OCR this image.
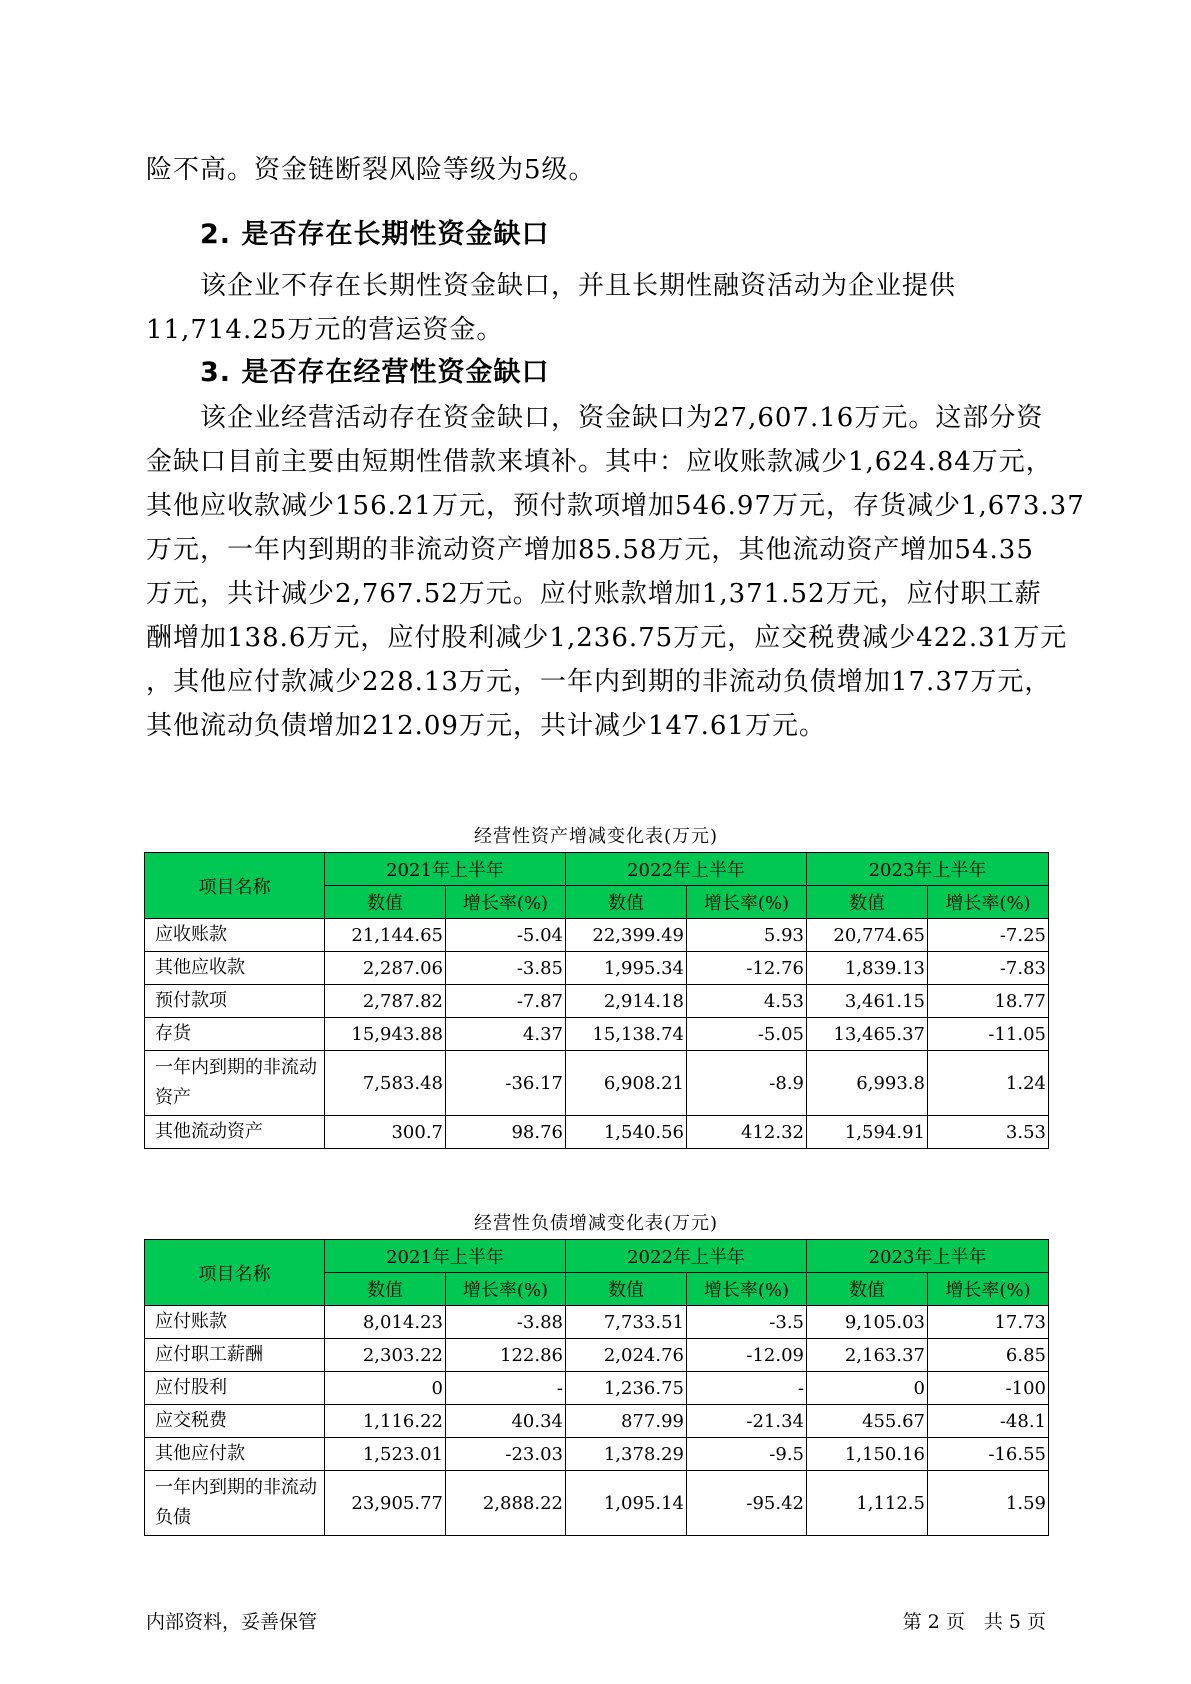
险不高。资金链断裂风险等级为5级。
2. 是否存在长期性资金缺口
　　该企业不存在长期性资金缺口，并且长期性融资活动为企业提供
11,714.25万元的营运资金。
3. 是否存在经营性资金缺口
　　该企业经营活动存在资金缺口，资金缺口为27,607.16万元。这部分资
金缺口目前主要由短期性借款来填补。其中：应收账款减少1,624.84万元，
其他应收款减少156.21万元，预付款项增加546.97万元，存货减少1,673.37
万元，一年内到期的非流动资产增加85.58万元，其他流动资产增加54.35
万元，共计减少2,767.52万元。应付账款增加1,371.52万元，应付职工薪
酬增加138.6万元，应付股利减少1,236.75万元，应交税费减少422.31万元
，其他应付款减少228.13万元，一年内到期的非流动负债增加17.37万元，
其他流动负债增加212.09万元，共计减少147.61万元。
经营性资产增减变化表(万元)
项目名称	2021年上半年		2022年上半年		2023年上半年	
	数值	增长率(%)	数值	增长率(%)	数值	增长率(%)
应收账款	21,144.65	-5.04	22,399.49	5.93	20,774.65	-7.25
其他应收款	2,287.06	-3.85	1,995.34	-12.76	1,839.13	-7.83
预付款项	2,787.82	-7.87	2,914.18	4.53	3,461.15	18.77
存货	15,943.88	4.37	15,138.74	-5.05	13,465.37	-11.05
一年内到期的非流动资产	7,583.48	-36.17	6,908.21	-8.9	6,993.8	1.24
其他流动资产	300.7	98.76	1,540.56	412.32	1,594.91	3.53
经营性负债增减变化表(万元)
项目名称	2021年上半年		2022年上半年		2023年上半年	
	数值	增长率(%)	数值	增长率(%)	数值	增长率(%)
应付账款	8,014.23	-3.88	7,733.51	-3.5	9,105.03	17.73
应付职工薪酬	2,303.22	122.86	2,024.76	-12.09	2,163.37	6.85
应付股利	0	-	1,236.75	-	0	-100
应交税费	1,116.22	40.34	877.99	-21.34	455.67	-48.1
其他应付款	1,523.01	-23.03	1,378.29	-9.5	1,150.16	-16.55
一年内到期的非流动负债	23,905.77	2,888.22	1,095.14	-95.42	1,112.5	1.59
内部资料，妥善保管	第 2 页　共 5 页
